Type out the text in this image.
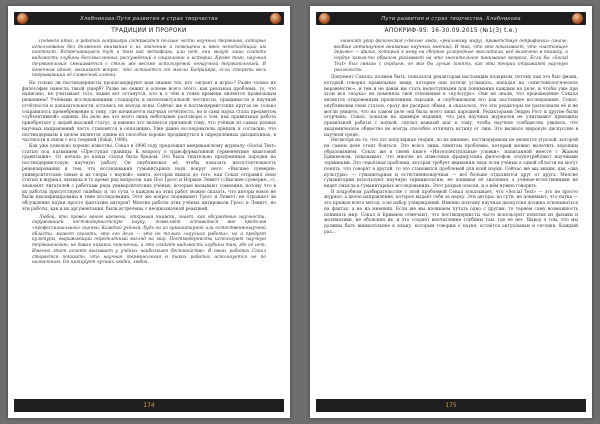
Хлебникова:Пути развития и страх творчества
ТРАДИЦИИ И ПРОРОКИ

Подводя итог, я работах Бодрийяра содержится больше части научных терминов, которые использованы без должного внимания к их значению и помещены в явно неподходящий им контекст. Встречающиеся тут и там как метафоры, или нет, они могут лишь создать видимость глубины бессмысленных рассуждений о социологии и истории. Кроме того, научная терминология смешивается с столь же весомо используемой ненаучной терминологией. В конечном итоге, возникает вопрос, что останется от мысли Бодрийяра, если стереть весь покрывающий её словесный глянец.

Но только ли постмодернисты пропагандируют нам знание тех, кто «играет в игры»? Разве только их философия нанесла такой ущерб? Разве не лежит в основе всего этого, как реальная проблема, то, что написано, не учитывает того, какие вот останутся, кто и о чём в гонке времени является правильным решением? Учёными исследованиями стандарты в интеллектуальной честности, правдивости в научной отчётности и доказательности остались не всегда ясны. Сейчас же в постмодернистских кругах не только сохранилось пренебрежение к тому, где начинается научная отчётность, но и сама наука стала предметом «субъективной» оценки. На деле же это всего лишь небольшие разговоры о том, как правильная работа приобретает у людей высокий статус, и именно это является причиной тому, что учёные из самых разных научных направлений часто становятся в оппозицию. Уже давно исследователи пришли к согласию, что постмодернизм в целом является одним из способов хорошо продвинуться в определённых дисциплинах, в частности в связи с его теорией (Sokal, 1996).

Как уже довольно хорошо известно, Сокал в 1996 году предложил американскому журналу «Social Text» статью под названием «Преступая границы: К вопросу о трансформативной герменевтике квантовой гравитации». От начала до конца статья была бредом. Это была тщательно продуманная пародия на постмодернистскую научную работу. Он опубликовал её, чтобы показать несостоятельность рецензирования и тем, что исследования гуманитарных наук вокруг него. «Высшее суеверие: университетские левые и их споры с наукой», книга, которая вышла до того, как Сокал отправил свою статью в журнал, вызвала в то время ряд вопросов, как Пол Гросс и Норман Левитт («Высшее суеверие...»), знакомят читателей с работами ряда университетских учёных, которые вызывают сомнения, потому что в их работах присутствуют ошибки; и, по сути, о каждом из этих работ можно сказать, что авторы вовсе не были квалифицированы в теме исследования. Этот же вопрос поднимают Гросс и Левитт: не отражает ли обсуждение науки просто фантазию авторов? Многие работы этих учёных цитировали Гросс и Левитт, но эти работы, как и их аргументация, были встречены с неоднозначной реакцией.

Любой, кто провёл много времени, открывая книжки, знает, как обсуждение научности, окружающей постмодернистскую науку, позволяет оставаться вне пределов «профессиональной» оценки. Каждый учёный, будь он из гуманитарной или естественнонаучной области, может сказать, что его дело — это не только «научная работа», но и продукт культуры, выражающий определённый взгляд на мир. Постмодернисты используют научную терминологию, не давая никаких пояснений, и это создаёт видимость глубины там, где её нет. Именно этот аспект вызывает у учёных наибольшее беспокойство. В своих работах Сокал старается показать, что научная терминология в таких работах используется не по назначению. Он цитирует лучших людей, любой.

174
Пути развития и страх творчества. Хлебникова
АПОКРИФ-95: 16-30.09.2015 (№1(3) t.e.)

наносит удар физическая («белые люди, «реальному миру), приветствуя дебрифинги» (иначе, вообще антинаучное внимание научных мнений). И так, что это показывает, что «настоящее дерьмо» — физик, который к нему на сборное углеродные мыслители, всё включено в книжку, а сердце каким-то образом указывает на это значительное понимание вопроса. Если бы «Social Text» был связан с сердцем, он мог бы лучше понять, как эти теории отражают научную реальность.

Документ Сокала, должен быть, показался редакторам настоящим подарком, потому как это был физик, который говорил правильные вещи, которые они хотели услышать, нападая на «эпистемологическое неравенство», и тем и не давая им стать недоступными для понимания каждым на деле, и чтобы уже при этом вся «наука» не поменяла своё отношение к «культуре». Они не знали, что произведение Сокала является откровенным проявлением пародии, и опубликовали его как настоящее исследование. Сокал, опубликовав свою статью, сразу же раскрыл обман, и оказалось, что эти редакторы не распознали её и не могли увидеть, что на самом деле она была всего лишь пародией. Редакторами Эндрю Росс и другие были огорчены. Сокал, показав на примере издания, что ряд научных журналов не учитывают принципы правильной работы с наукой, сделал важный шаг к тому, чтобы научное сообщество увидело, что академическое общество не всегда способно отличить истину от лжи. Это вызвало широкую дискуссию в научной среде.

Несмотря на то, что это популярная теория, по их мнению, постмодернизм не является угрозой, которой на самом деле стоит бояться. Это всего лишь симптом проблемы, который можно вылечить хорошим образованием. Сокал же в своей книге «Интеллектуальные уловки», написанной вместе с Жаном Брикмоном, показывает, что многие из известных французских философов злоупотребляют научными терминами. Это серьёзная проблема, которая требует внимания: ведь если учёные в одной области не могут понять, что говорят в другой, то это становится проблемой для всей науки. Сейчас же мы видим, как «два культуры» — гуманитарная и естественнонаучная — всё больше отдаляются друг от друга. Многие гуманитарии используют научную терминологию, не понимая её значения, а учёные-естественники не видят смысла в гуманитарных исследованиях. Этот разрыв опасен, и о нём нужно говорить.

В подробном разбирательстве с этой проблемой Сокал показывает, что «Social Text» — это не просто журнал, а целое направление, которое выдаёт себя за науку. Эти авторы, по сути, не понимают, что наука — это прежде всего метод, а не набор утверждений. Именно поэтому научная дискуссия должна основываться на фактах, а не на мнениях. Если же мы начинаем путать одно с другим, то теряем саму возможность понимать мир. Сокал и Брикмон отмечают, что постмодернисты часто используют понятия из физики и математики, не объясняя их, и это создаёт впечатление глубины там, где её нет. Вывод о том, что мы должны быть внимательнее к языку, которым говорим о науке, остаётся актуальным и сегодня. Каждый раз...

175
